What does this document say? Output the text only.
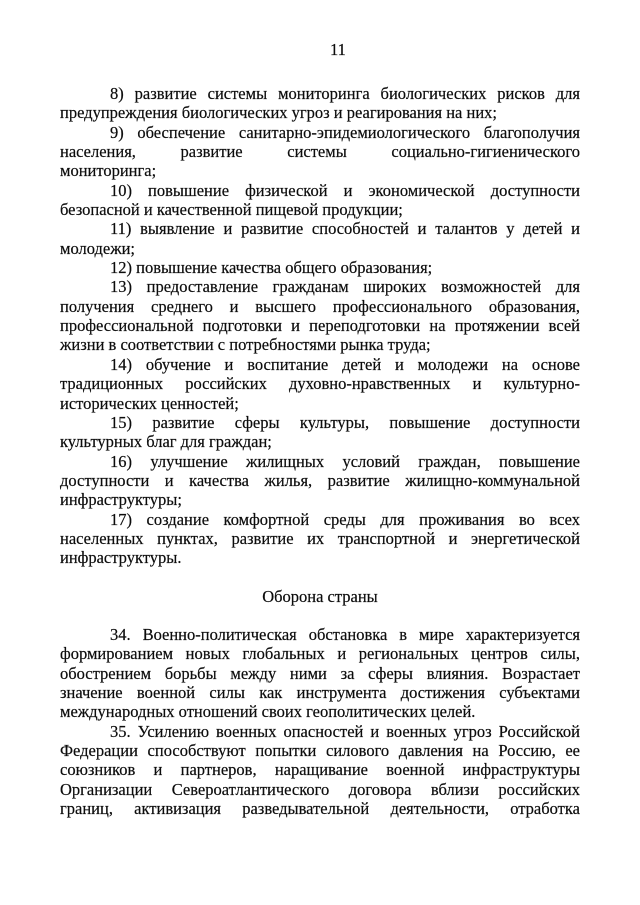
11
8) развитие системы мониторинга биологических рисков для
предупреждения биологических угроз и реагирования на них;
9) обеспечение санитарно-эпидемиологического благополучия
населения, развитие системы социально-гигиенического
мониторинга;
10) повышение физической и экономической доступности
безопасной и качественной пищевой продукции;
11) выявление и развитие способностей и талантов у детей и
молодежи;
12) повышение качества общего образования;
13) предоставление гражданам широких возможностей для
получения среднего и высшего профессионального образования,
профессиональной подготовки и переподготовки на протяжении всей
жизни в соответствии с потребностями рынка труда;
14) обучение и воспитание детей и молодежи на основе
традиционных российских духовно-нравственных и культурно-
исторических ценностей;
15) развитие сферы культуры, повышение доступности
культурных благ для граждан;
16) улучшение жилищных условий граждан, повышение
доступности и качества жилья, развитие жилищно-коммунальной
инфраструктуры;
17) создание комфортной среды для проживания во всех
населенных пунктах, развитие их транспортной и энергетической
инфраструктуры.
Оборона страны
34. Военно-политическая обстановка в мире характеризуется
формированием новых глобальных и региональных центров силы,
обострением борьбы между ними за сферы влияния. Возрастает
значение военной силы как инструмента достижения субъектами
международных отношений своих геополитических целей.
35. Усилению военных опасностей и военных угроз Российской
Федерации способствуют попытки силового давления на Россию, ее
союзников и партнеров, наращивание военной инфраструктуры
Организации Североатлантического договора вблизи российских
границ, активизация разведывательной деятельности, отработка
